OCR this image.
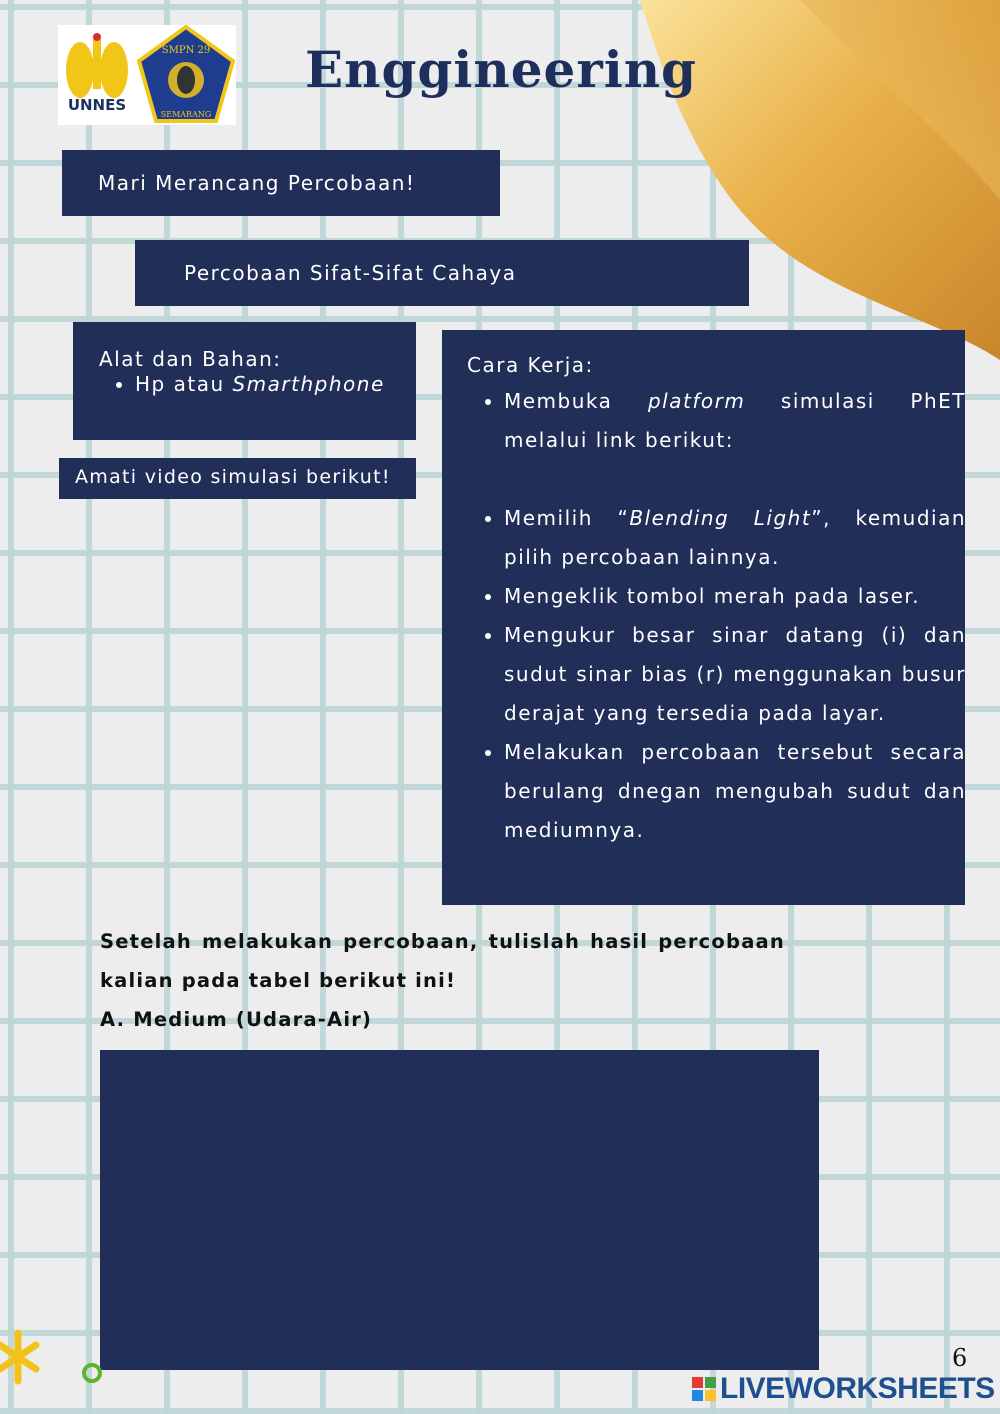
UNNES
SMPN 29
SEMARANG
Enggineering
Mari Merancang Percobaan!
Percobaan Sifat-Sifat Cahaya
Alat dan Bahan:
• Hp atau Smarthphone
Amati video simulasi berikut!
Cara Kerja:
• Membuka platform simulasi PhET melalui link berikut:
• Memilih “Blending Light”, kemudian pilih percobaan lainnya.
• Mengeklik tombol merah pada laser.
• Mengukur besar sinar datang (i) dan sudut sinar bias (r) menggunakan busur derajat yang tersedia pada layar.
• Melakukan percobaan tersebut secara berulang dnegan mengubah sudut dan mediumnya.
Setelah melakukan percobaan, tulislah hasil percobaan kalian pada tabel berikut ini!
A. Medium (Udara-Air)
6
LIVEWORKSHEETS
